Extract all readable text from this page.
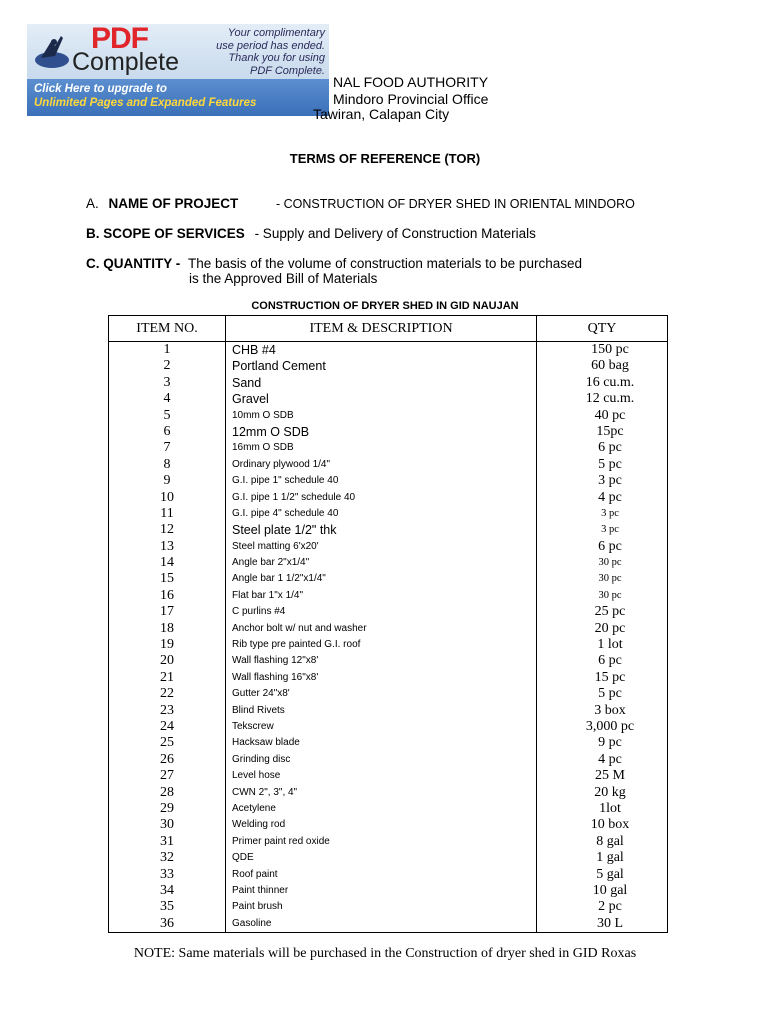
PDF
Complete
Your complimentary
use period has ended.
Thank you for using
PDF Complete.
Click Here to upgrade to
Unlimited Pages and Expanded Features
NAL FOOD AUTHORITY
Mindoro Provincial Office
Tawiran, Calapan City
TERMS OF REFERENCE (TOR)
A. NAME OF PROJECT	- CONSTRUCTION OF DRYER SHED IN ORIENTAL MINDORO
B. SCOPE OF SERVICES - Supply and Delivery of Construction Materials
C. QUANTITY - The basis of the volume of construction materials to be purchased
is the Approved Bill of Materials
CONSTRUCTION OF DRYER SHED IN GID NAUJAN
ITEM NO.	ITEM & DESCRIPTION	QTY
1	CHB #4	150 pc
2	Portland Cement	60 bag
3	Sand	16 cu.m.
4	Gravel	12 cu.m.
5	10mm O SDB	40 pc
6	12mm O SDB	15pc
7	16mm O SDB	6 pc
8	Ordinary plywood 1/4"	5 pc
9	G.I. pipe 1" schedule 40	3 pc
10	G.I. pipe 1 1/2" schedule 40	4 pc
11	G.I. pipe 4" schedule 40	3 pc
12	Steel plate 1/2" thk	3 pc
13	Steel matting 6'x20'	6 pc
14	Angle bar 2"x1/4"	30 pc
15	Angle bar 1 1/2"x1/4"	30 pc
16	Flat bar 1"x 1/4"	30 pc
17	C purlins #4	25 pc
18	Anchor bolt w/ nut and washer	20 pc
19	Rib type pre painted G.I. roof	1 lot
20	Wall flashing 12"x8'	6 pc
21	Wall flashing 16"x8'	15 pc
22	Gutter 24"x8'	5 pc
23	Blind Rivets	3 box
24	Tekscrew	3,000 pc
25	Hacksaw blade	9 pc
26	Grinding disc	4 pc
27	Level hose	25 M
28	CWN 2", 3", 4"	20 kg
29	Acetylene	1lot
30	Welding rod	10 box
31	Primer paint red oxide	8 gal
32	QDE	1 gal
33	Roof paint	5 gal
34	Paint thinner	10 gal
35	Paint brush	2 pc
36	Gasoline	30 L
NOTE: Same materials will be purchased in the Construction of dryer shed in GID Roxas
